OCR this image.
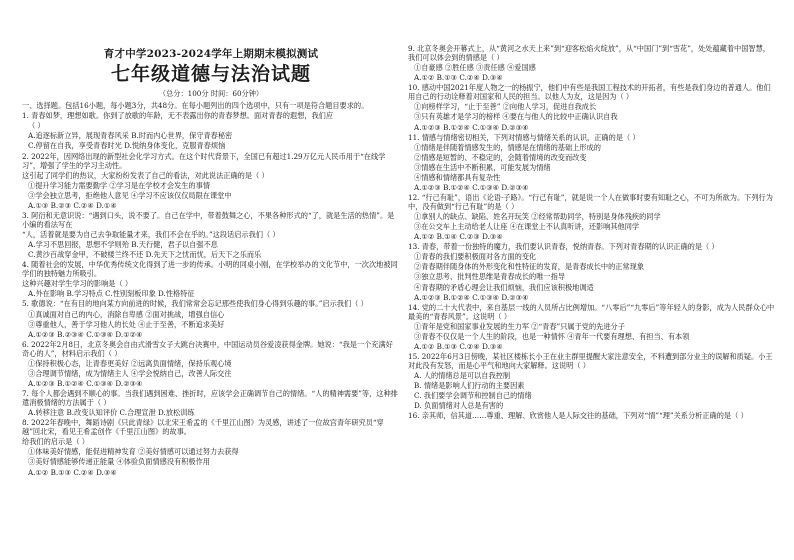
育才中学2023-2024学年上期期末模拟测试
七年级道德与法治试题
（总分：100分 时间：60分钟）

一、选择题。包括16小题，每小题3分，共48分。在每小题列出的四个选项中，只有一项是符合题目要求的。

1. 青春如梦，理想如歌。你到了放歌的年龄，无不表露出你的青春梦想。面对青春的遐想，我们应
（ ）
A.追逐标新立异，展现青春风采 B.时而内心世界，保守青春秘密
C.停留在自我，享受青春时光 D.悦纳身体变化，克服青春烦恼
2. 2022年，因网络出现的新型社会化学习方式。在这个时代背景下，全国已有超过1.29万亿元人民币用于“在线学习”，增强了学生的学习主动性。
这引起了同学们的热议，大家纷纷发表了自己的看法，对此说法正确的是（ ）
①提升学习能力需要勤学 ②学习是在学校才会发生的事情
③学会独立思考，拒绝他人意见 ④学习不应该仅仅局限在课堂中
A.①③ B.②③ C.②④ D.①④
3. 阿衍和无意识说：“遇到口头，说不要了。自己在学中，带着鼓舞之心，不果各种形式的“了，就是生活的热情”。是小编的看法写在
“人，活着就是要为自己去争取能量才来，我们不会在乎的。”这段话启示我们（ ）
A.学习不思回报，思想不学则殆 B.天行健，君子以自强不息
C.黄沙百战穿金甲，不破楼兰终不还 D.先天下之忧而忧，后天下之乐而乐
4. 随着社会的发展，中华优秀传统文化得到了进一步的传承。小明的同桌小刚，在学校举办的文化节中，一次次地被同学们的独特魅力所吸引。
这种兴趣对学生学习的影响是（ ）
A.外在影响 B.学习特点 C.性别刻板印象 D.性格特征
5. 歌德说：“在有目的地向某方向前进的时候，我们常常会忘记那些使我们身心得到乐趣的事。”启示我们（ ）
①真诚面对自己的内心，消除自卑感 ②面对挑战，增强自信心
③尊重他人，善于学习他人的长处 ④止于至善，不断追求美好
A.①②③ B.②③④ C.①③④ D.①②④
6. 2022年2月8日，北京冬奥会自由式滑雪女子大跳台决赛中，中国运动员谷爱凌获得金牌。她说：“我是一个充满好奇心的人”，材料启示我们（ ）
①保持积极心态，让青春更美好 ②远离负面情绪，保持乐观心境
③合理调节情绪，成为情绪主人 ④学会悦纳自己，改善人际交往
A.①②③ B.①②④ C.①③④ D.②③④
7. 每个人都会遇到不顺心的事。当我们遇到困难、挫折时，应该学会正确调节自己的情绪。“人的精神需要”等，这种排遣消极情绪的方法属于（ ）
A.转移注意 B.改变认知评价 C.合理宣泄 D.放松训练
8. 2022年春晚中，舞蹈诗剧《只此青绿》以北宋王希孟的《千里江山图》为灵感，讲述了一位故宫青年研究员“穿越”回北宋，看见王希孟创作《千里江山图》的故事。
给我们的启示是（ ）
①体味美好情感，能促进精神发育 ②美好情感可以通过努力去获得
③美好情感能够传递正能量 ④体验负面情感没有积极作用
A.①② B.①③ C.②④ D.③④
9. 北京冬奥会开幕式上，从“黄河之水天上来”到“迎客松焰火绽放”，从“中国门”到“雪花”，处处蕴藏着中国智慧，我们可以体会到的情感是（ ）
①自豪感 ②胜任感 ③责任感 ④爱国感
A.①② B.①③ C.②④ D.③④
10. 感动中国2021年度人物之一的杨振宁，他们中有些是我国工程技术的开拓者，有些是我们身边的普通人。他们用自己的行动诠释着对国家和人民的担当。以他人为友，这是因为（ ）
①向榜样学习，“止于至善” ②向他人学习，促进自我成长
③只有英雄才是学习的榜样 ④要在与他人的比较中正确认识自我
A.①②③ B.①②④ C.①③④ D.②③④
11. 情感与情绪密切相关，下列对情感与情绪关系的认识，正确的是（ ）
①情绪是伴随着情感发生的，情感是在情绪的基础上形成的
②情感是短暂的、不稳定的，会随着情境的改变而改变
③情感在生活中不断积累，可能发展为情绪
④情感和情绪都具有复杂性
A.①②③ B.①②④ C.①③④ D.②③④
12. “行己有耻”，语出《论语·子路》。“行己有耻”，就是说一个人在做事时要有知耻之心，不可为所欲为。下列行为中，没有做到“行己有耻”的是（ ）
①拿别人的缺点、缺陷、姓名开玩笑 ②经常帮助同学，特别是身体残疾的同学
③在公交车上主动给老人让座 ④在课堂上不认真听讲，还影响其他同学
A.①② B.①④ C.②③ D.③④
13. 青春，带着一份独特的魔力，我们要认识青春，悦纳青春。下列对青春期的认识正确的是（ ）
①青春的我们要积极面对各方面的变化
②青春期伴随身体的外形变化和性特征的发育，是青春成长中的正常现象
③独立思考、批判性思维是青春成长的唯一指导
④青春期的矛盾心理会让我们烦恼，我们应该积极地调适
A.①②③ B.①②④ C.①③④ D.②③④
14. 党的二十大代表中，来自基层一线的人员所占比例增加。“八零后”“九零后”等年轻人的身影，成为人民群众心中最美的“青春风景”。这说明（ ）
①青年是党和国家事业发展的生力军 ②“青春”只属于党的先进分子
③青春不仅仅是一个人生的阶段，也是一种情怀 ④青年一代要有理想、有担当、有本领
A.①② B.①③ C.②④ D.③④
15. 2022年6月3日傍晚，某社区楼栋长小王在业主群里提醒大家注意安全，不料遭到部分业主的误解和质疑。小王对此没有发怒，而是心平气和地向大家解释。这说明（ ）
A. 人的情绪总是可以自我控制
B. 情绪是影响人们行动的主要因素
C. 我们要学会调节和控制自己的情绪
D. 负面情绪对人总是有害的
16. 亲其师，信其道……尊重、理解、欣赏他人是人际交往的基础，下列对“情”“理”关系分析正确的是（ ）
